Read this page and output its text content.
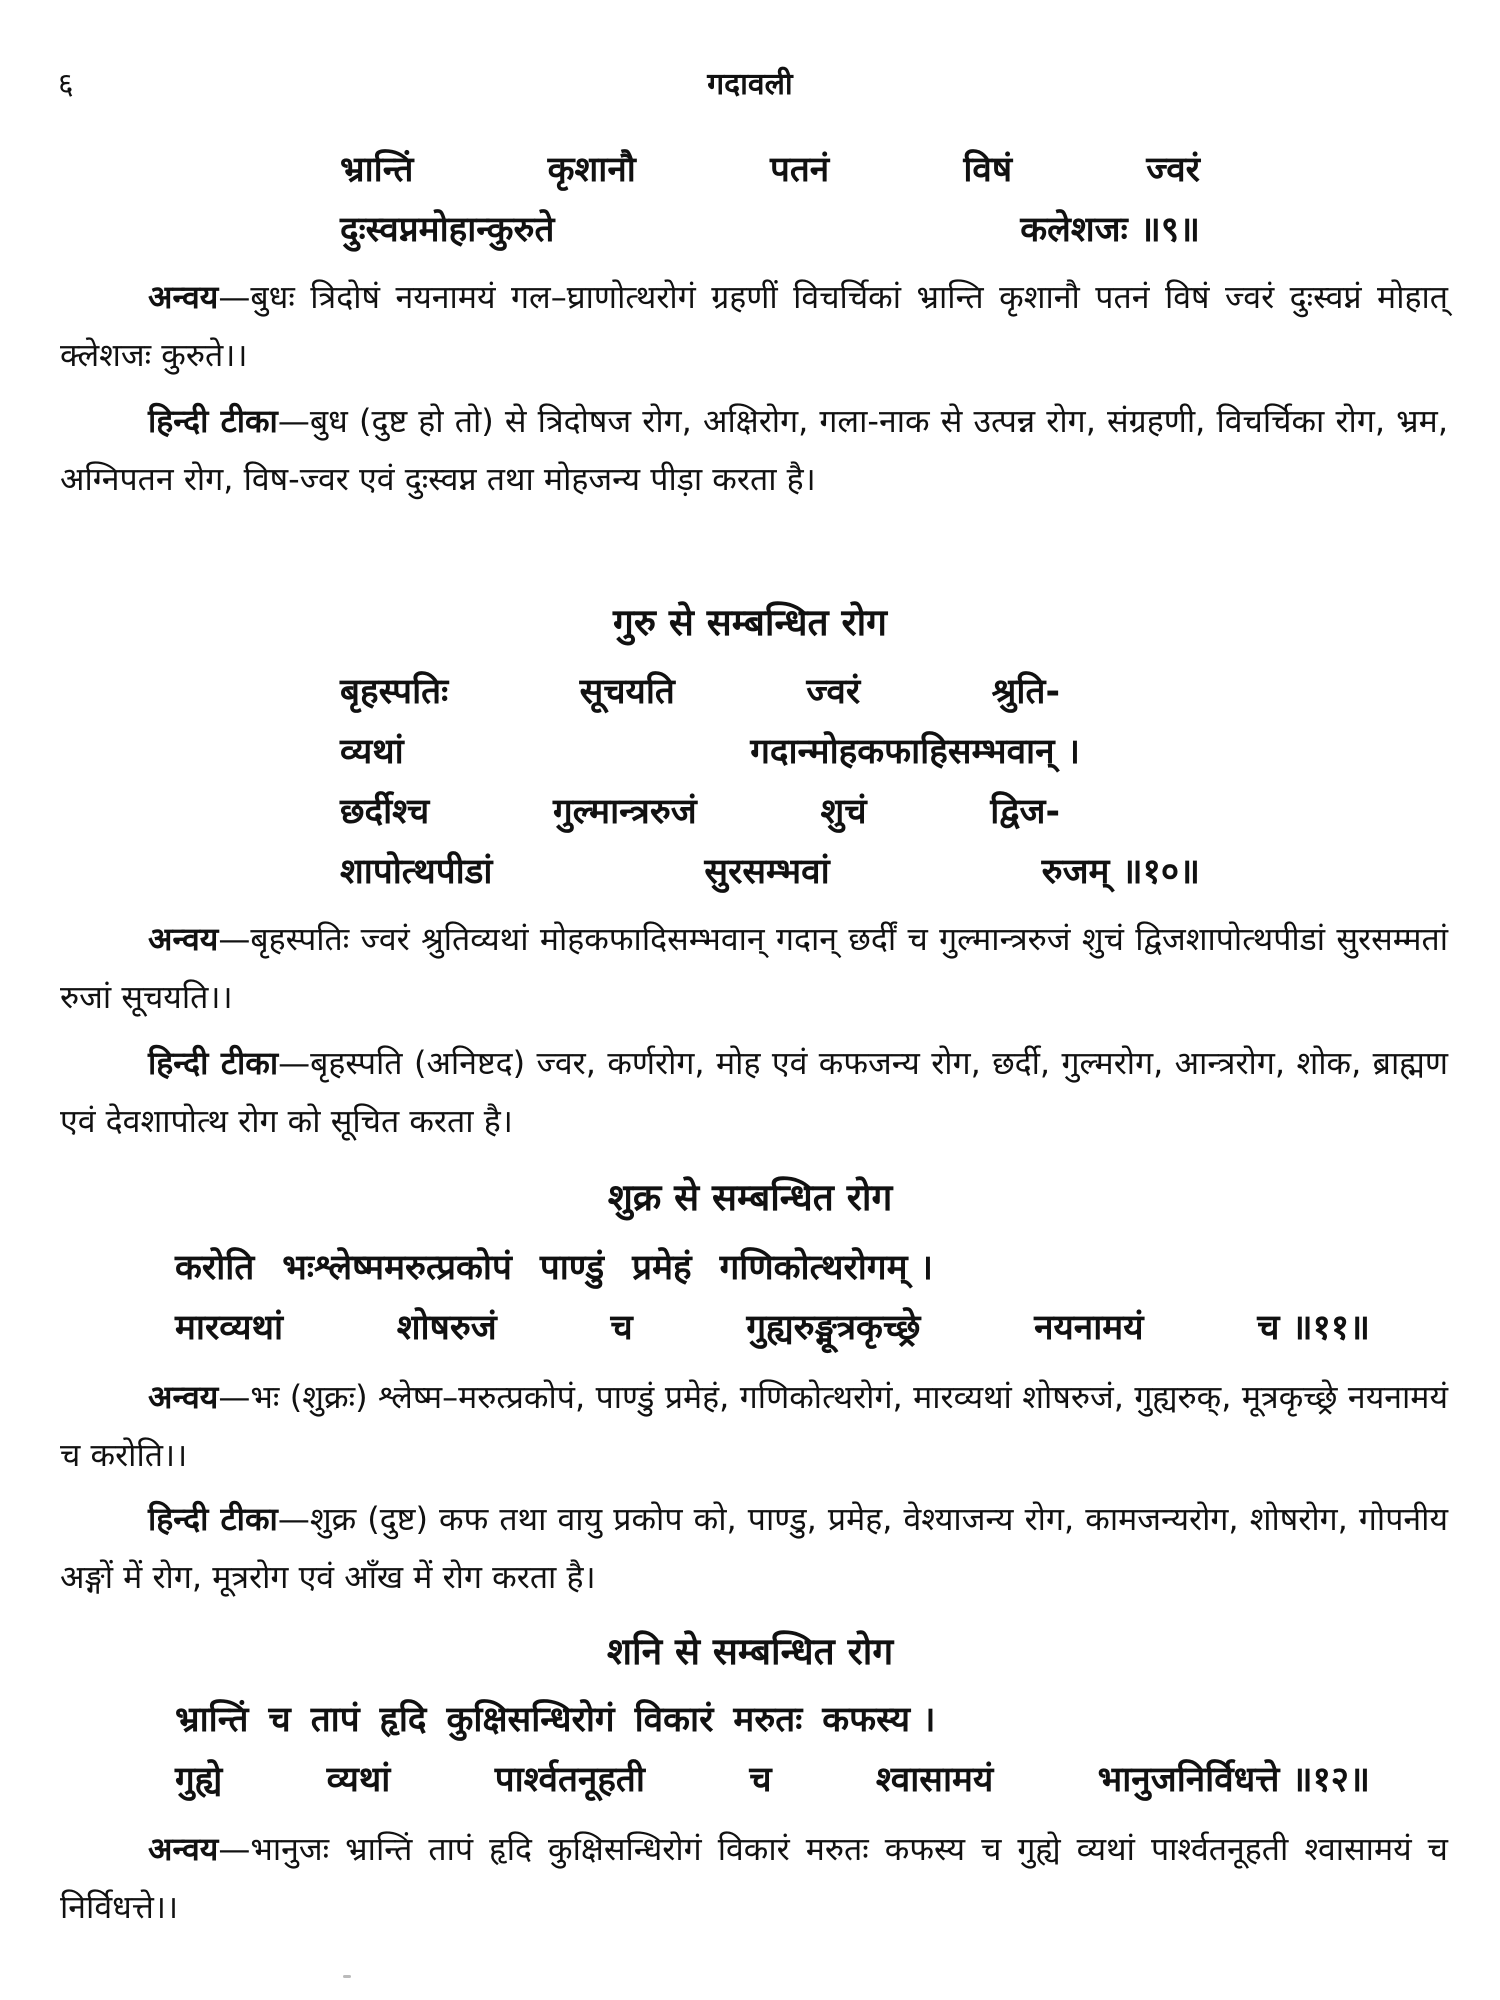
६	गदावली
भ्रान्तिं	कृशानौ	पतनं	विषं	ज्वरं
दुःस्वप्नमोहान्कुरुते	कलेशजः ॥९॥

अन्वय—बुधः त्रिदोषं नयनामयं गल–घ्राणोत्थरोगं ग्रहणीं विचर्चिकां भ्रान्ति कृशानौ पतनं विषं ज्वरं दुःस्वप्नं मोहात् क्लेशजः कुरुते।।

हिन्दी टीका—बुध (दुष्ट हो तो) से त्रिदोषज रोग, अक्षिरोग, गला-नाक से उत्पन्न रोग, संग्रहणी, विचर्चिका रोग, भ्रम, अग्निपतन रोग, विष-ज्वर एवं दुःस्वप्न तथा मोहजन्य पीड़ा करता है।

गुरु से सम्बन्धित रोग
बृहस्पतिः	सूचयति	ज्वरं	श्रुति-
व्यथां	गदान्मोहकफाहिसम्भवान् ।
छर्दीश्च	गुल्मान्त्ररुजं	शुचं	द्विज-
शापोत्थपीडां	सुरसम्भवां	रुजम् ॥१०॥

अन्वय—बृहस्पतिः ज्वरं श्रुतिव्यथां मोहकफादिसम्भवान् गदान् छर्दीं च गुल्मान्त्ररुजं शुचं द्विजशापोत्थपीडां सुरसम्मतां रुजां सूचयति।।

हिन्दी टीका—बृहस्पति (अनिष्टद) ज्वर, कर्णरोग, मोह एवं कफजन्य रोग, छर्दी, गुल्मरोग, आन्त्ररोग, शोक, ब्राह्मण एवं देवशापोत्थ रोग को सूचित करता है।

शुक्र से सम्बन्धित रोग
करोति भःश्लेष्ममरुत्प्रकोपं पाण्डुं प्रमेहं गणिकोत्थरोगम् ।
मारव्यथां	शोषरुजं	च	गुह्यरुङ्मूत्रकृच्छ्रे	नयनामयं	च ॥११॥

अन्वय—भः (शुक्रः) श्लेष्म–मरुत्प्रकोपं, पाण्डुं प्रमेहं, गणिकोत्थरोगं, मारव्यथां शोषरुजं, गुह्यरुक्, मूत्रकृच्छ्रे नयनामयं च करोति।।

हिन्दी टीका—शुक्र (दुष्ट) कफ तथा वायु प्रकोप को, पाण्डु, प्रमेह, वेश्याजन्य रोग, कामजन्यरोग, शोषरोग, गोपनीय अङ्गों में रोग, मूत्ररोग एवं आँख में रोग करता है।

शनि से सम्बन्धित रोग
भ्रान्तिं च तापं हृदि कुक्षिसन्धिरोगं विकारं मरुतः कफस्य ।
गुह्ये	व्यथां	पार्श्वतनूहती	च	श्वासामयं	भानुजनिर्विधत्ते ॥१२॥

अन्वय—भानुजः भ्रान्तिं तापं हृदि कुक्षिसन्धिरोगं विकारं मरुतः कफस्य च गुह्ये व्यथां पार्श्वतनूहती श्वासामयं च निर्विधत्ते।।
